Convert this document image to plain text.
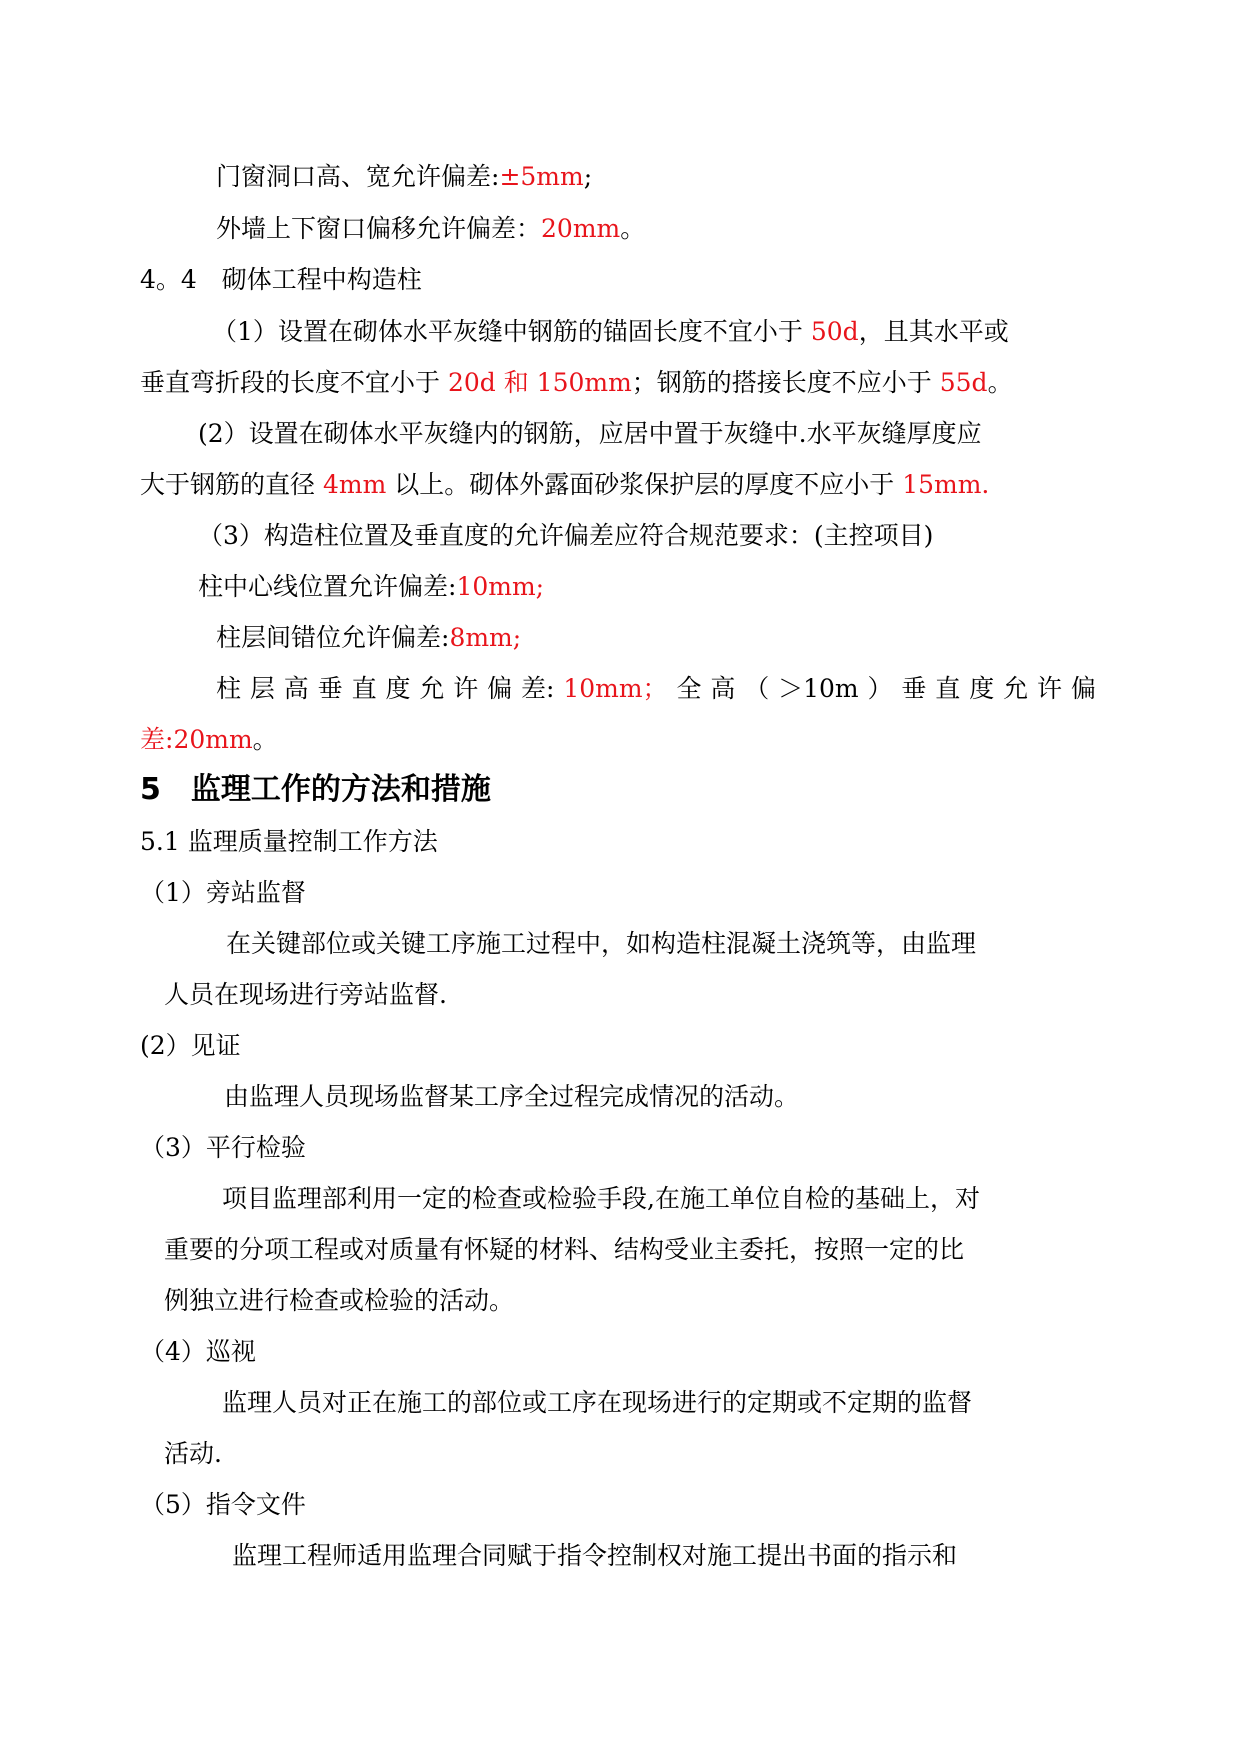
门窗洞口高、宽允许偏差:±5mm;
外墙上下窗口偏移允许偏差：20mm。
4。4　砌体工程中构造柱
（1）设置在砌体水平灰缝中钢筋的锚固长度不宜小于 50d，且其水平或
垂直弯折段的长度不宜小于 20d 和 150mm；钢筋的搭接长度不应小于 55d。
(2）设置在砌体水平灰缝内的钢筋，应居中置于灰缝中.水平灰缝厚度应
大于钢筋的直径 4mm 以上。砌体外露面砂浆保护层的厚度不应小于 15mm.
（3）构造柱位置及垂直度的允许偏差应符合规范要求：(主控项目)
柱中心线位置允许偏差:10mm;
柱层间错位允许偏差:8mm;
柱 层 高 垂 直 度 允 许 偏 差: 10mm； 全 高 （ ＞10m ） 垂 直 度 允 许 偏
差:20mm。
5　监理工作的方法和措施
5.1 监理质量控制工作方法
（1）旁站监督
在关键部位或关键工序施工过程中，如构造柱混凝土浇筑等，由监理
人员在现场进行旁站监督.
(2）见证
由监理人员现场监督某工序全过程完成情况的活动。
（3）平行检验
项目监理部利用一定的检查或检验手段,在施工单位自检的基础上，对
重要的分项工程或对质量有怀疑的材料、结构受业主委托，按照一定的比
例独立进行检查或检验的活动。
（4）巡视
监理人员对正在施工的部位或工序在现场进行的定期或不定期的监督
活动.
（5）指令文件
监理工程师适用监理合同赋于指令控制权对施工提出书面的指示和
